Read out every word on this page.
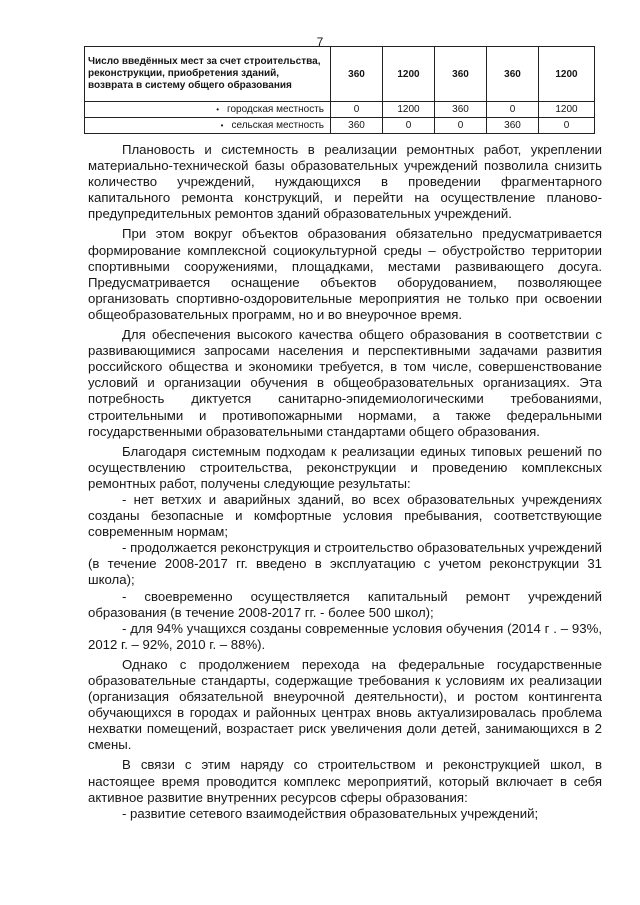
7
Число введённых мест за счет строительства, реконструкции, приобретения зданий, возврата в систему общего образования	360	1200	360	360	1200
• городская местность	0	1200	360	0	1200
• сельская местность	360	0	0	360	0

Плановость и системность в реализации ремонтных работ, укреплении материально-технической базы образовательных учреждений позволила снизить количество учреждений, нуждающихся в проведении фрагментарного капитального ремонта конструкций, и перейти на осуществление планово-предупредительных ремонтов зданий образовательных учреждений.

При этом вокруг объектов образования обязательно предусматривается формирование комплексной социокультурной среды – обустройство территории спортивными сооружениями, площадками, местами развивающего досуга. Предусматривается оснащение объектов оборудованием, позволяющее организовать спортивно-оздоровительные мероприятия не только при освоении общеобразовательных программ, но и во внеурочное время.

Для обеспечения высокого качества общего образования в соответствии с развивающимися запросами населения и перспективными задачами развития российского общества и экономики требуется, в том числе, совершенствование условий и организации обучения в общеобразовательных организациях. Эта потребность диктуется санитарно-эпидемиологическими требованиями, строительными и противопожарными нормами, а также федеральными государственными образовательными стандартами общего образования.

Благодаря системным подходам к реализации единых типовых решений по осуществлению строительства, реконструкции и проведению комплексных ремонтных работ, получены следующие результаты:

- нет ветхих и аварийных зданий, во всех образовательных учреждениях созданы безопасные и комфортные условия пребывания, соответствующие современным нормам;

- продолжается реконструкция и строительство образовательных учреждений (в течение 2008-2017 гг. введено в эксплуатацию с учетом реконструкции 31 школа);

- своевременно осуществляется капитальный ремонт учреждений образования (в течение 2008-2017 гг. - более 500 школ);

- для 94% учащихся созданы современные условия обучения (2014 г . – 93%, 2012 г. – 92%, 2010 г. – 88%).

Однако с продолжением перехода на федеральные государственные образовательные стандарты, содержащие требования к условиям их реализации (организация обязательной внеурочной деятельности), и ростом контингента обучающихся в городах и районных центрах вновь актуализировалась проблема нехватки помещений, возрастает риск увеличения доли детей, занимающихся в 2 смены.

В связи с этим наряду со строительством и реконструкцией школ, в настоящее время проводится комплекс мероприятий, который включает в себя активное развитие внутренних ресурсов сферы образования:

- развитие сетевого взаимодействия образовательных учреждений;
